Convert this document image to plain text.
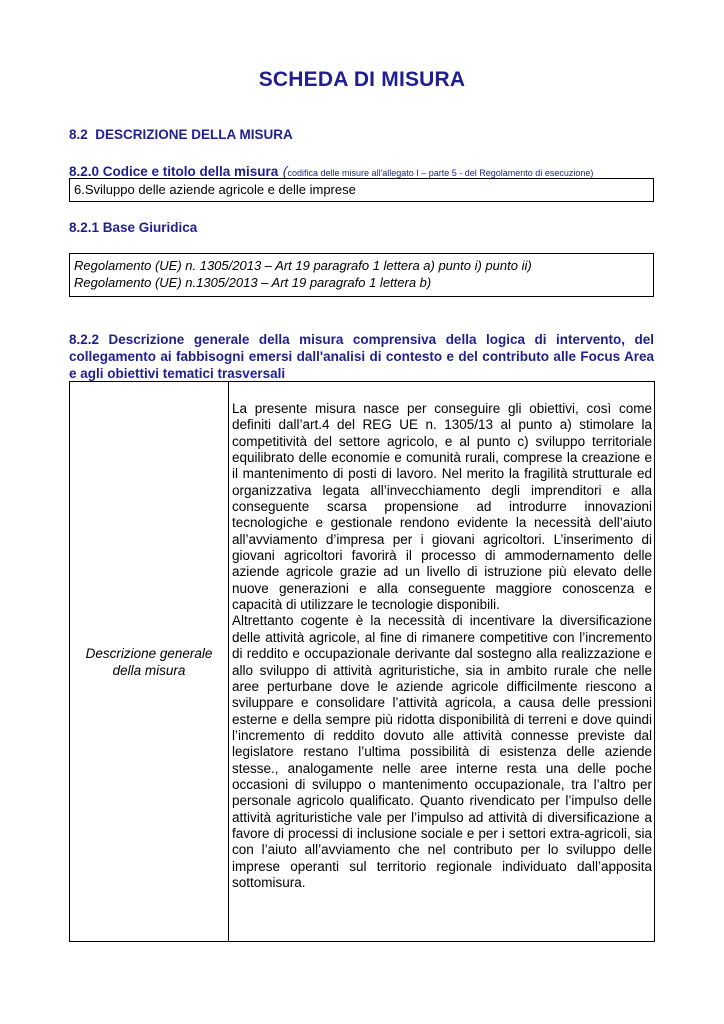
SCHEDA DI MISURA
8.2 DESCRIZIONE DELLA MISURA
8.2.0 Codice e titolo della misura (codifica delle misure all'allegato I – parte 5 - del Regolamento di esecuzione)
6.Sviluppo delle aziende agricole e delle imprese
8.2.1 Base Giuridica
Regolamento (UE) n. 1305/2013 – Art 19 paragrafo 1 lettera a) punto i) punto ii)
Regolamento (UE) n.1305/2013 – Art 19 paragrafo 1 lettera b)
8.2.2 Descrizione generale della misura comprensiva della logica di intervento, del collegamento ai fabbisogni emersi dall'analisi di contesto e del contributo alle Focus Area e agli obiettivi tematici trasversali
Descrizione generale della misura

La presente misura nasce per conseguire gli obiettivi, così come definiti dall’art.4 del REG UE n. 1305/13 al punto a) stimolare la competitività del settore agricolo, e al punto c) sviluppo territoriale equilibrato delle economie e comunità rurali, comprese la creazione e il mantenimento di posti di lavoro. Nel merito la fragilità strutturale ed organizzativa legata all’invecchiamento degli imprenditori e alla conseguente scarsa propensione ad introdurre innovazioni tecnologiche e gestionale rendono evidente la necessità dell’aiuto all’avviamento d’impresa per i giovani agricoltori. L’inserimento di giovani agricoltori favorirà il processo di ammodernamento delle aziende agricole grazie ad un livello di istruzione più elevato delle nuove generazioni e alla conseguente maggiore conoscenza e capacità di utilizzare le tecnologie disponibili.

Altrettanto cogente è la necessità di incentivare la diversificazione delle attività agricole, al fine di rimanere competitive con l’incremento di reddito e occupazionale derivante dal sostegno alla realizzazione e allo sviluppo di attività agrituristiche, sia in ambito rurale che nelle aree perturbane dove le aziende agricole difficilmente riescono a sviluppare e consolidare l’attività agricola, a causa delle pressioni esterne e della sempre più ridotta disponibilità di terreni e dove quindi l’incremento di reddito dovuto alle attività connesse previste dal legislatore restano l’ultima possibilità di esistenza delle aziende stesse., analogamente nelle aree interne resta una delle poche occasioni di sviluppo o mantenimento occupazionale, tra l’altro per personale agricolo qualificato. Quanto rivendicato per l’impulso delle attività agrituristiche vale per l’impulso ad attività di diversificazione a favore di processi di inclusione sociale e per i settori extra-agricoli, sia con l’aiuto all’avviamento che nel contributo per lo sviluppo delle imprese operanti sul territorio regionale individuato dall’apposita sottomisura.
